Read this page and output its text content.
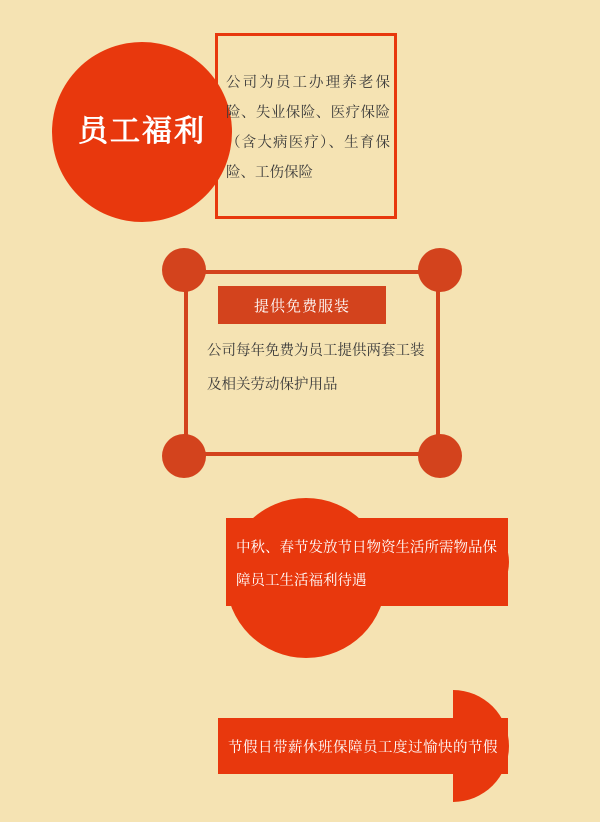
员工福利
公司为员工办理养老保险、失业保险、医疗保险（含大病医疗）、生育保险、工伤保险
提供免费服装
公司每年免费为员工提供两套工装及相关劳动保护用品
中秋、春节发放节日物资生活所需物品保障员工生活福利待遇
节假日带薪休班保障员工度过愉快的节假
